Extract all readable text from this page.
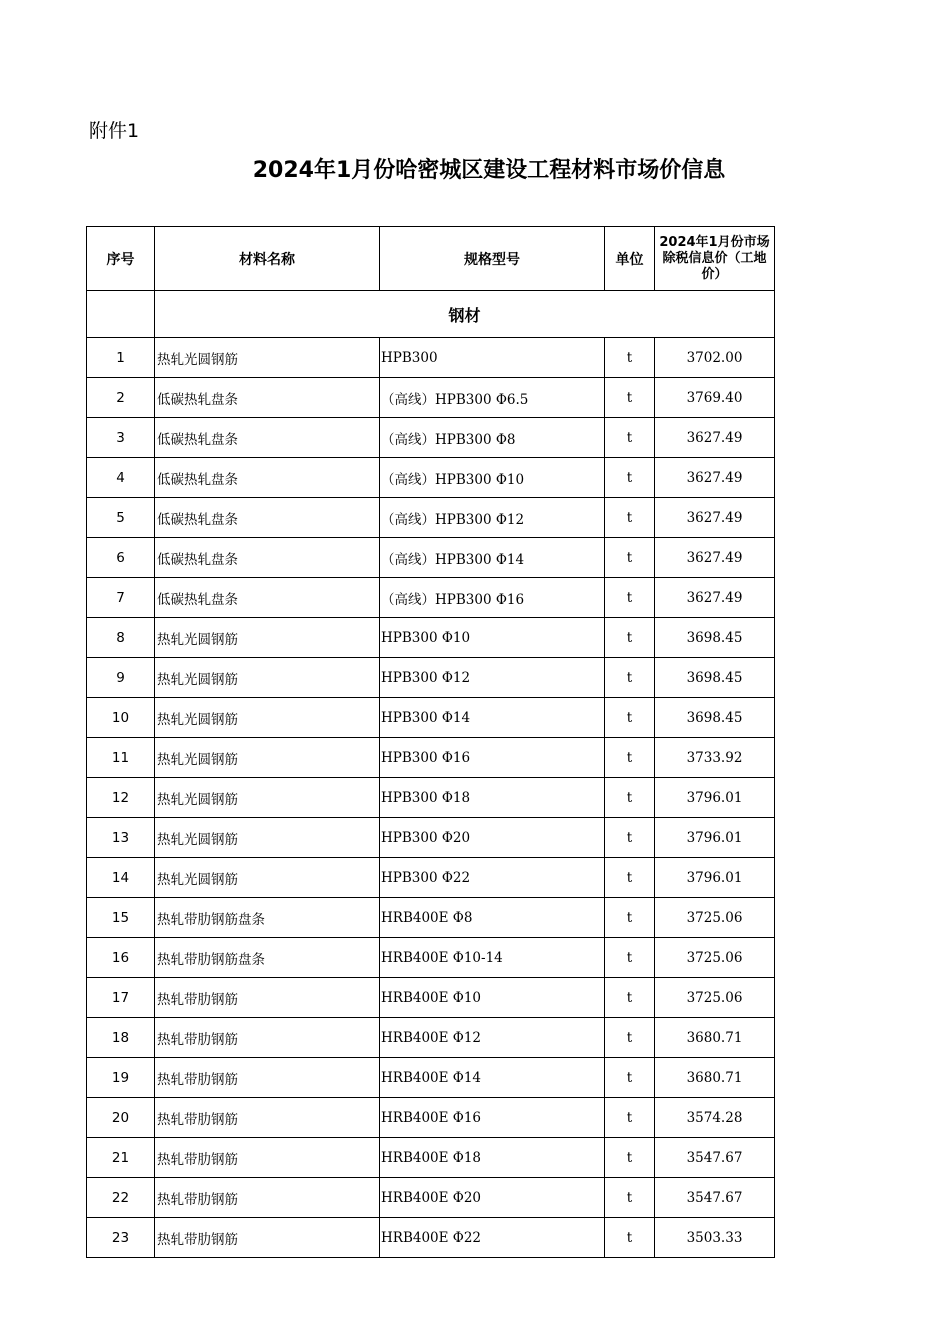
附件1
2024年1月份哈密城区建设工程材料市场价信息
序号	材料名称	规格型号	单位	2024年1月份市场除税信息价（工地价）
	钢材			
1	热轧光圆钢筋	HPB300	t	3702.00
2	低碳热轧盘条	（高线）HPB300 Φ6.5	t	3769.40
3	低碳热轧盘条	（高线）HPB300 Φ8	t	3627.49
4	低碳热轧盘条	（高线）HPB300 Φ10	t	3627.49
5	低碳热轧盘条	（高线）HPB300 Φ12	t	3627.49
6	低碳热轧盘条	（高线）HPB300 Φ14	t	3627.49
7	低碳热轧盘条	（高线）HPB300 Φ16	t	3627.49
8	热轧光圆钢筋	HPB300 Φ10	t	3698.45
9	热轧光圆钢筋	HPB300 Φ12	t	3698.45
10	热轧光圆钢筋	HPB300 Φ14	t	3698.45
11	热轧光圆钢筋	HPB300 Φ16	t	3733.92
12	热轧光圆钢筋	HPB300 Φ18	t	3796.01
13	热轧光圆钢筋	HPB300 Φ20	t	3796.01
14	热轧光圆钢筋	HPB300 Φ22	t	3796.01
15	热轧带肋钢筋盘条	HRB400E Φ8	t	3725.06
16	热轧带肋钢筋盘条	HRB400E Φ10-14	t	3725.06
17	热轧带肋钢筋	HRB400E Φ10	t	3725.06
18	热轧带肋钢筋	HRB400E Φ12	t	3680.71
19	热轧带肋钢筋	HRB400E Φ14	t	3680.71
20	热轧带肋钢筋	HRB400E Φ16	t	3574.28
21	热轧带肋钢筋	HRB400E Φ18	t	3547.67
22	热轧带肋钢筋	HRB400E Φ20	t	3547.67
23	热轧带肋钢筋	HRB400E Φ22	t	3503.33
